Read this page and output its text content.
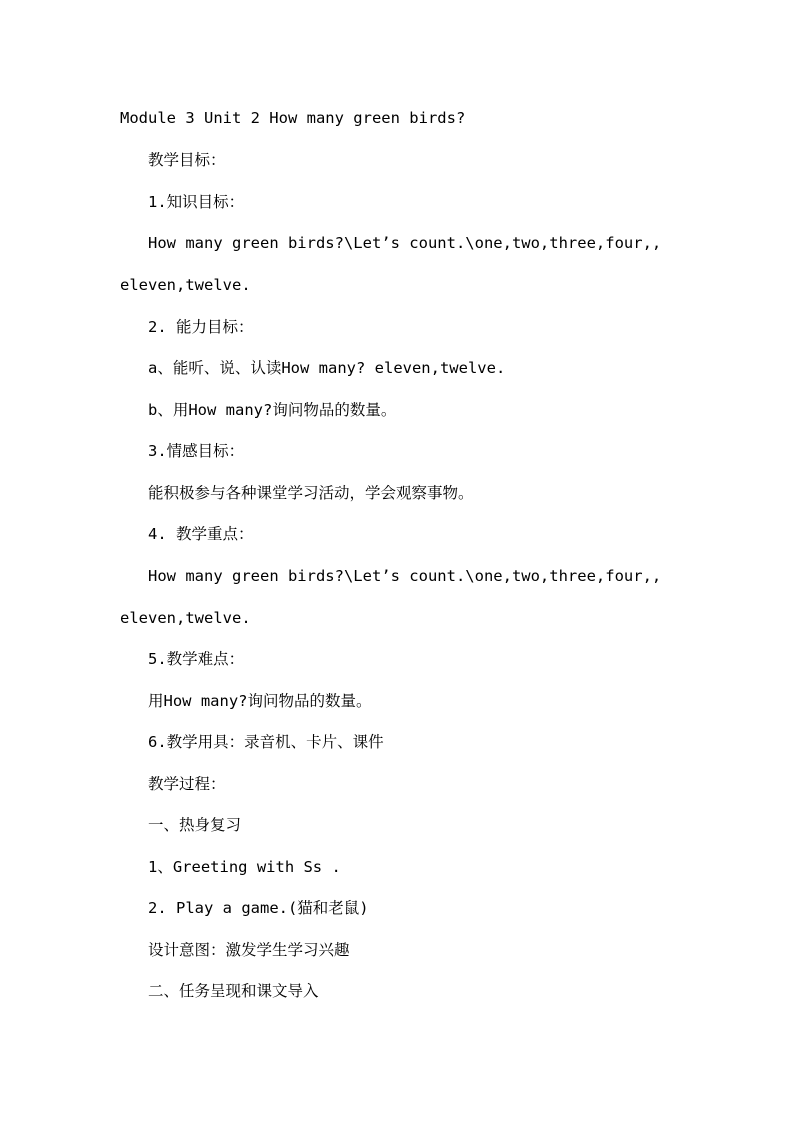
Module 3 Unit 2 How many green birds?
教学目标：
1.知识目标：
How many green birds?\Let’s count.\one,two,three,four,,
eleven,twelve.
2. 能力目标：
a、能听、说、认读How many? eleven,twelve.
b、用How many?询问物品的数量。
3.情感目标：
能积极参与各种课堂学习活动，学会观察事物。
4. 教学重点：
How many green birds?\Let’s count.\one,two,three,four,,
eleven,twelve.
5.教学难点：
用How many?询问物品的数量。
6.教学用具：录音机、卡片、课件
教学过程：
一、热身复习
1、Greeting with Ss .
2. Play a game.(猫和老鼠)
设计意图：激发学生学习兴趣
二、任务呈现和课文导入
